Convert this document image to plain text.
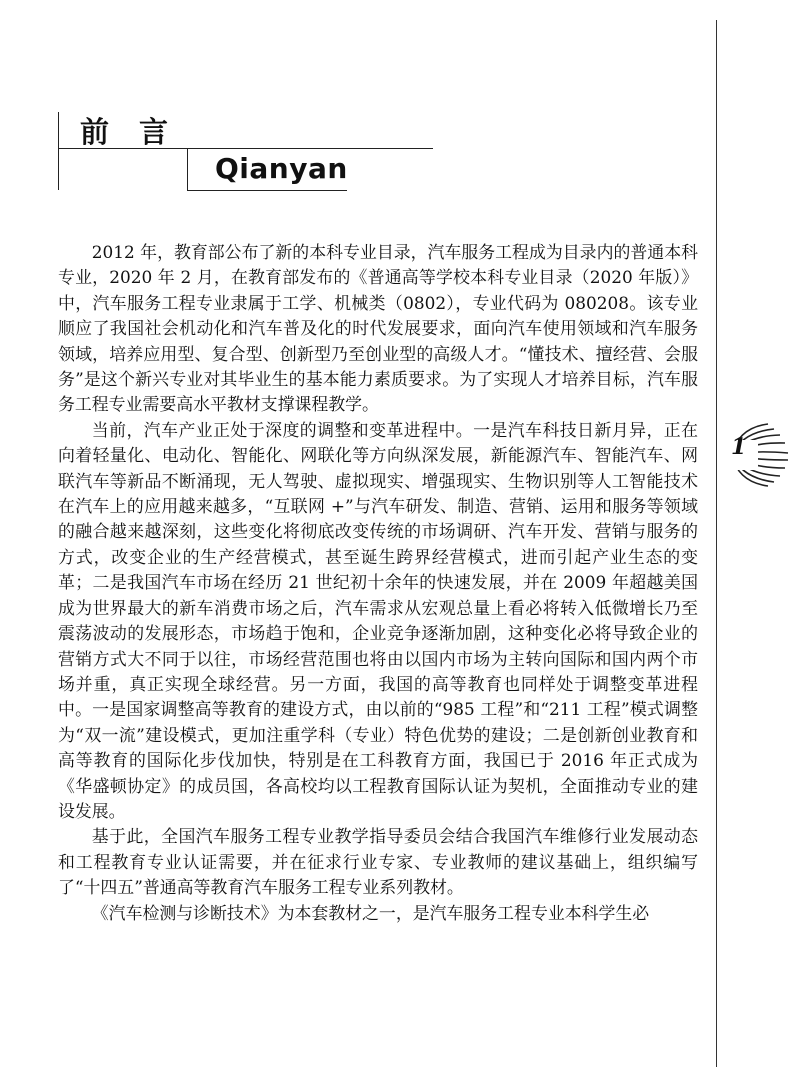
前言
Qianyan

2012 年，教育部公布了新的本科专业目录，汽车服务工程成为目录内的普通本科专业，2020 年 2 月，在教育部发布的《普通高等学校本科专业目录（2020 年版）》中，汽车服务工程专业隶属于工学、机械类（0802），专业代码为 080208。该专业顺应了我国社会机动化和汽车普及化的时代发展要求，面向汽车使用领域和汽车服务领域，培养应用型、复合型、创新型乃至创业型的高级人才。“懂技术、擅经营、会服务”是这个新兴专业对其毕业生的基本能力素质要求。为了实现人才培养目标，汽车服务工程专业需要高水平教材支撑课程教学。

当前，汽车产业正处于深度的调整和变革进程中。一是汽车科技日新月异，正在向着轻量化、电动化、智能化、网联化等方向纵深发展，新能源汽车、智能汽车、网联汽车等新品不断涌现，无人驾驶、虚拟现实、增强现实、生物识别等人工智能技术在汽车上的应用越来越多，“互联网 +”与汽车研发、制造、营销、运用和服务等领域的融合越来越深刻，这些变化将彻底改变传统的市场调研、汽车开发、营销与服务的方式，改变企业的生产经营模式，甚至诞生跨界经营模式，进而引起产业生态的变革；二是我国汽车市场在经历 21 世纪初十余年的快速发展，并在 2009 年超越美国成为世界最大的新车消费市场之后，汽车需求从宏观总量上看必将转入低微增长乃至震荡波动的发展形态，市场趋于饱和，企业竞争逐渐加剧，这种变化必将导致企业的营销方式大不同于以往，市场经营范围也将由以国内市场为主转向国际和国内两个市场并重，真正实现全球经营。另一方面，我国的高等教育也同样处于调整变革进程中。一是国家调整高等教育的建设方式，由以前的“985 工程”和“211 工程”模式调整为“双一流”建设模式，更加注重学科（专业）特色优势的建设；二是创新创业教育和高等教育的国际化步伐加快，特别是在工科教育方面，我国已于 2016 年正式成为《华盛顿协定》的成员国，各高校均以工程教育国际认证为契机，全面推动专业的建设发展。

基于此，全国汽车服务工程专业教学指导委员会结合我国汽车维修行业发展动态和工程教育专业认证需要，并在征求行业专家、专业教师的建议基础上，组织编写了“十四五”普通高等教育汽车服务工程专业系列教材。

《汽车检测与诊断技术》为本套教材之一，是汽车服务工程专业本科学生必

1
